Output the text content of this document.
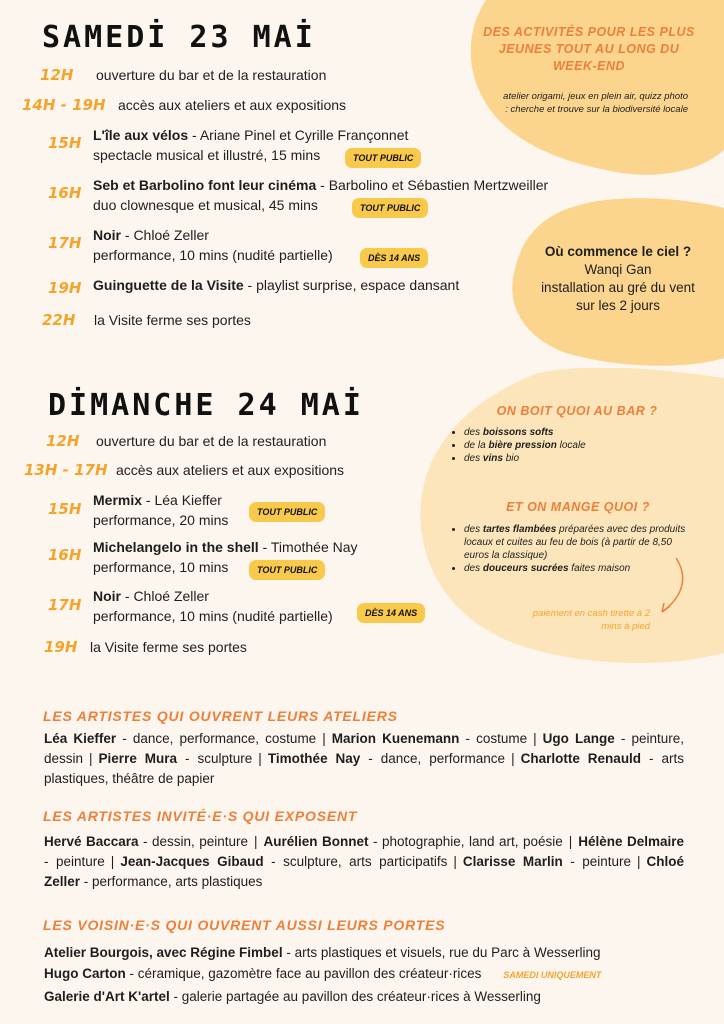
SAMEDİ 23 MAİ
12H	ouverture du bar et de la restauration
14H - 19H accès aux ateliers et aux expositions
15H L'île aux vélos - Ariane Pinel et Cyrille Françonnet
spectacle musical et illustré, 15 mins	TOUT PUBLIC
16H Seb et Barbolino font leur cinéma - Barbolino et Sébastien Mertzweiller
duo clownesque et musical, 45 mins	TOUT PUBLIC
17H Noir - Chloé Zeller
performance, 10 mins (nudité partielle)	DÈS 14 ANS
19H Guinguette de la Visite - playlist surprise, espace dansant
22H la Visite ferme ses portes
DES ACTIVITÉS POUR LES PLUS JEUNES TOUT AU LONG DU WEEK-END
atelier origami, jeux en plein air, quizz photo : cherche et trouve sur la biodiversité locale
Où commence le ciel ?
Wanqi Gan
installation au gré du vent sur les 2 jours
DİMANCHE 24 MAİ
12H ouverture du bar et de la restauration
13H - 17H accès aux ateliers et aux expositions
15H Mermix - Léa Kieffer
performance, 20 mins	TOUT PUBLIC
16H Michelangelo in the shell - Timothée Nay
performance, 10 mins	TOUT PUBLIC
17H Noir - Chloé Zeller
performance, 10 mins (nudité partielle)	DÈS 14 ANS
19H la Visite ferme ses portes
ON BOIT QUOI AU BAR ?
• des boissons softs
• de la bière pression locale
• des vins bio
ET ON MANGE QUOI ?
• des tartes flambées préparées avec des produits locaux et cuites au feu de bois (à partir de 8,50 euros la classique)
• des douceurs sucrées faites maison
paiement en cash tirette à 2 mins à pied
LES ARTISTES QUI OUVRENT LEURS ATELIERS
Léa Kieffer - dance, performance, costume | Marion Kuenemann - costume | Ugo Lange - peinture, dessin | Pierre Mura - sculpture | Timothée Nay - dance, performance | Charlotte Renauld - arts plastiques, théâtre de papier
LES ARTISTES INVITÉ·E·S QUI EXPOSENT
Hervé Baccara - dessin, peinture | Aurélien Bonnet - photographie, land art, poésie | Hélène Delmaire - peinture | Jean-Jacques Gibaud - sculpture, arts participatifs | Clarisse Marlin - peinture | Chloé Zeller - performance, arts plastiques
LES VOISIN·E·S QUI OUVRENT AUSSI LEURS PORTES
Atelier Bourgois, avec Régine Fimbel - arts plastiques et visuels, rue du Parc à Wesserling
Hugo Carton - céramique, gazomètre face au pavillon des créateur·rices SAMEDI UNIQUEMENT
Galerie d'Art K'artel - galerie partagée au pavillon des créateur·rices à Wesserling
